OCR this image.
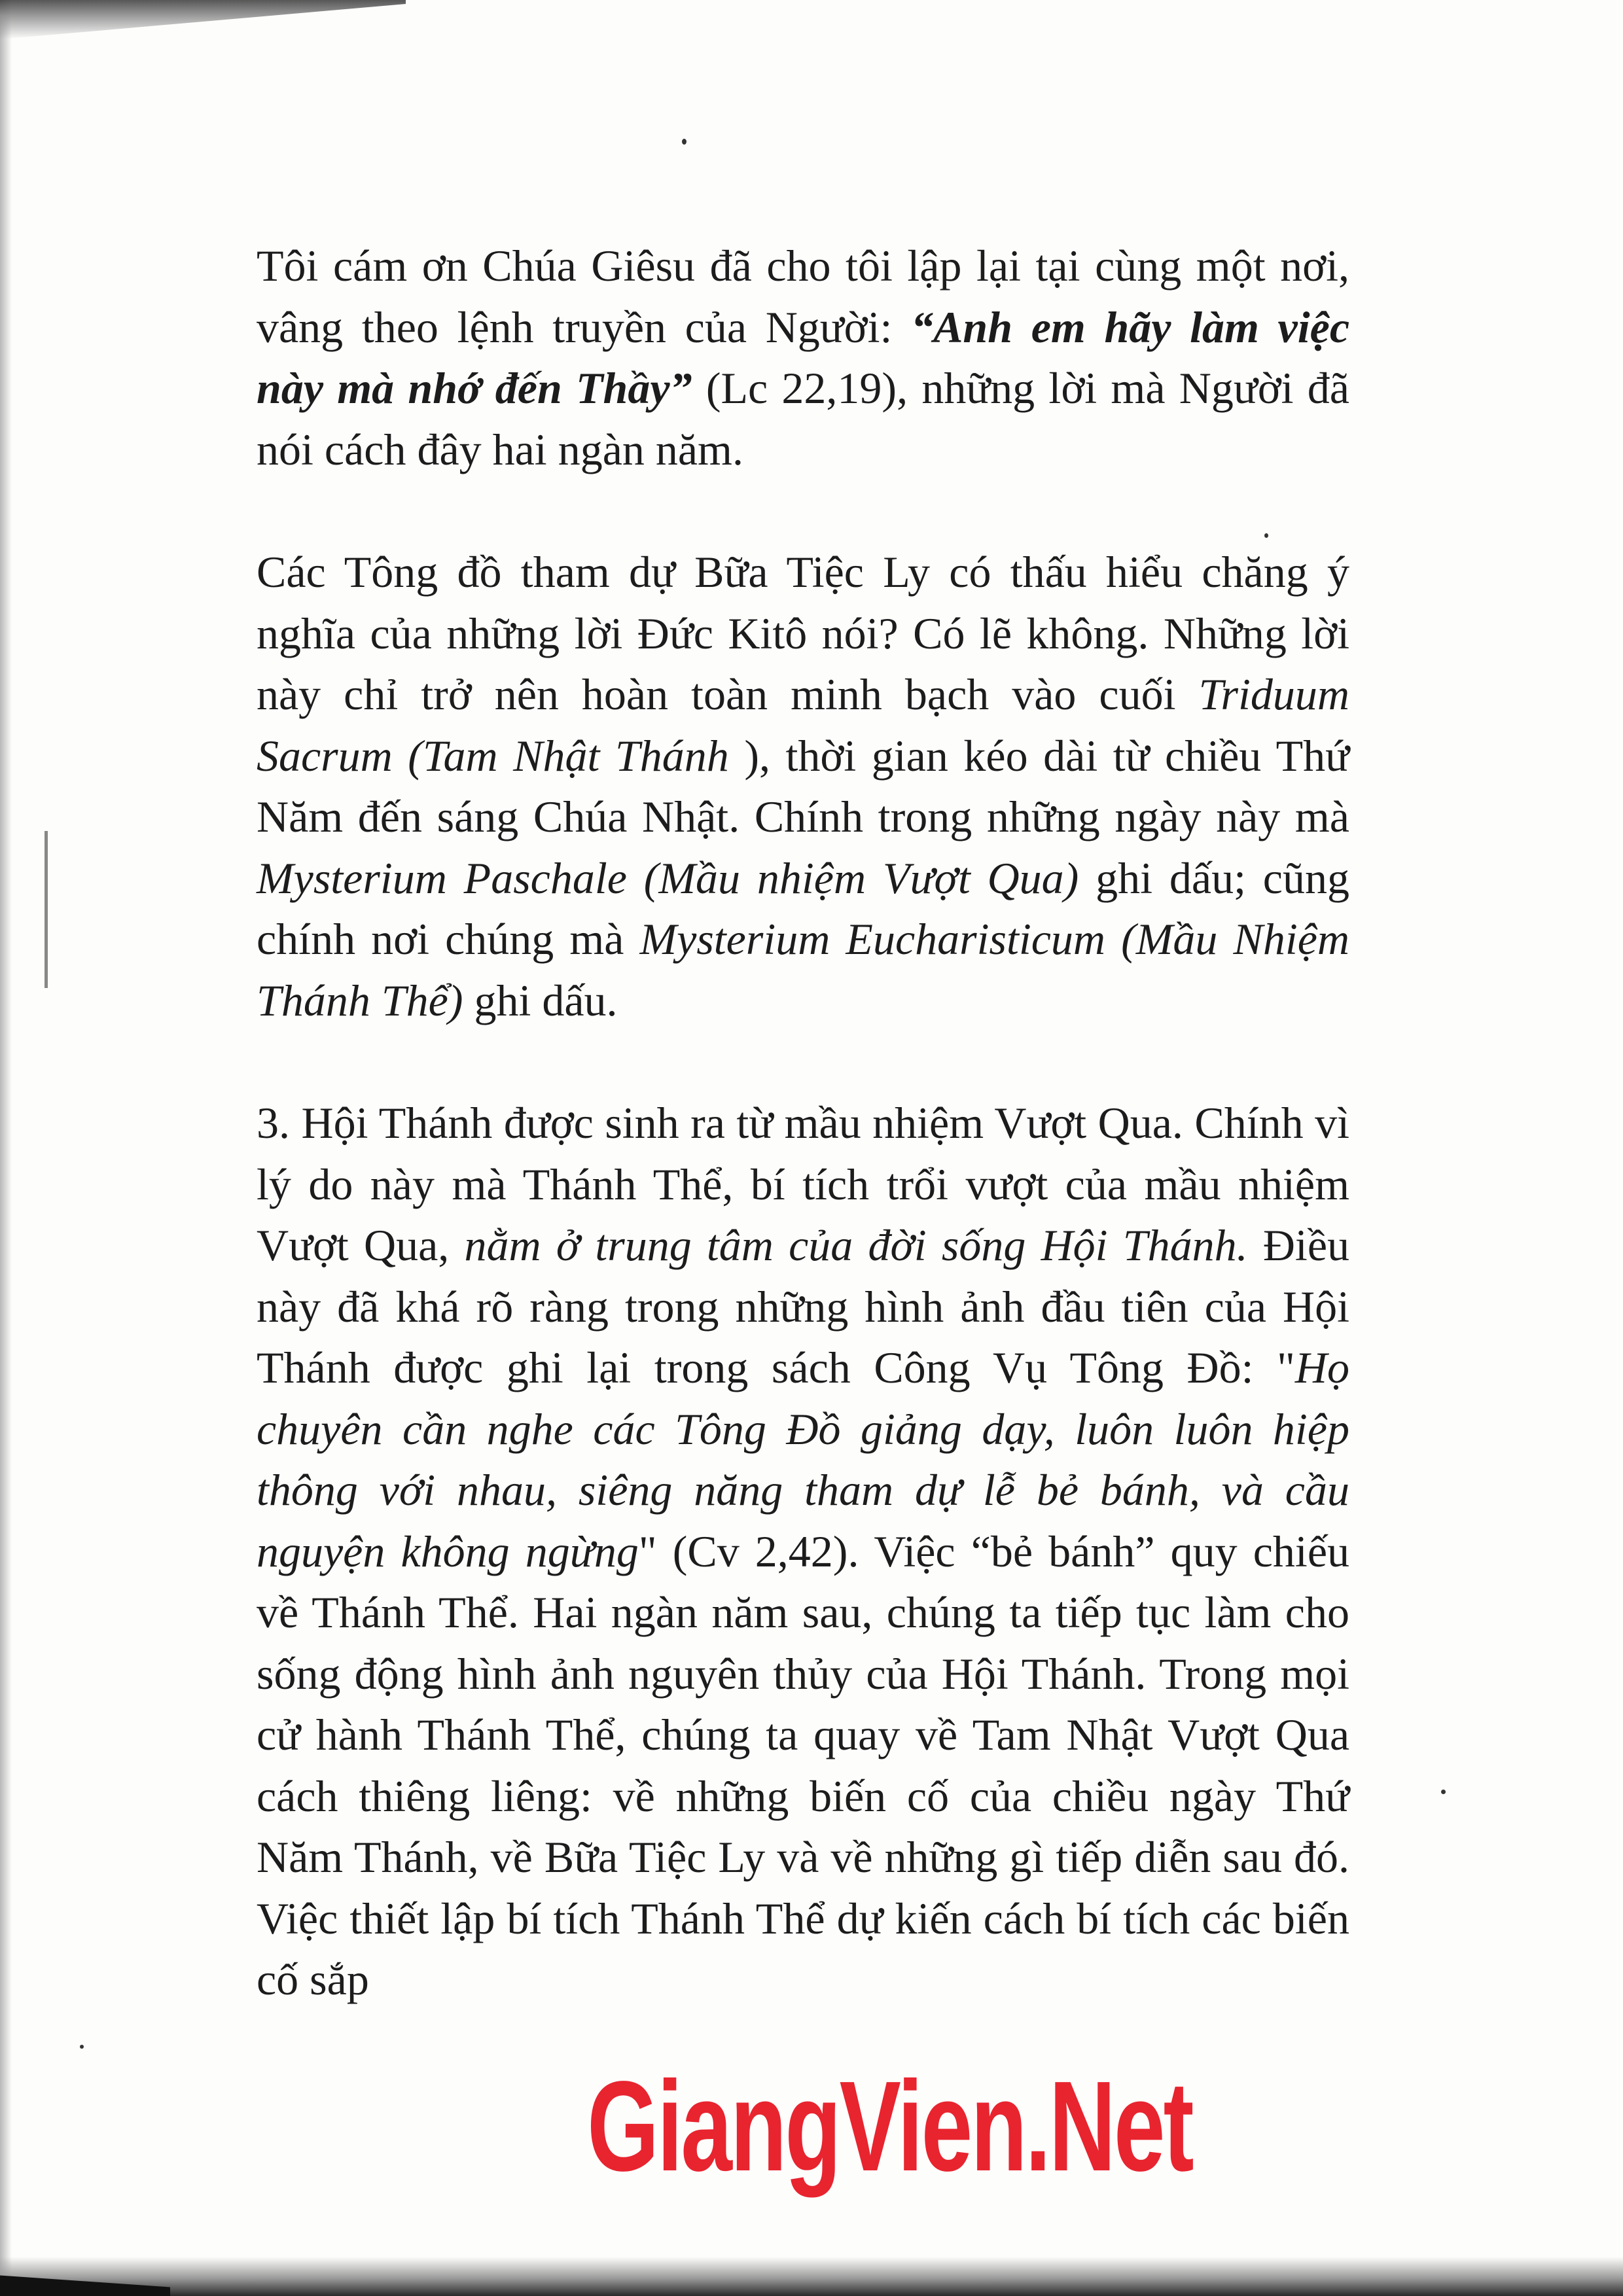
Tôi cám ơn Chúa Giêsu đã cho tôi lập lại tại cùng một nơi, vâng theo lệnh truyền của Người: “Anh em hãy làm việc này mà nhớ đến Thầy” (Lc 22,19), những lời mà Người đã nói cách đây hai ngàn năm.

Các Tông đồ tham dự Bữa Tiệc Ly có thấu hiểu chăng ý nghĩa của những lời Đức Kitô nói? Có lẽ không. Những lời này chỉ trở nên hoàn toàn minh bạch vào cuối Triduum Sacrum (Tam Nhật Thánh ), thời gian kéo dài từ chiều Thứ Năm đến sáng Chúa Nhật. Chính trong những ngày này mà Mysterium Paschale (Mầu nhiệm Vượt Qua) ghi dấu; cũng chính nơi chúng mà Mysterium Eucharisticum (Mầu Nhiệm Thánh Thể) ghi dấu.

3. Hội Thánh được sinh ra từ mầu nhiệm Vượt Qua. Chính vì lý do này mà Thánh Thể, bí tích trổi vượt của mầu nhiệm Vượt Qua, nằm ở trung tâm của đời sống Hội Thánh. Điều này đã khá rõ ràng trong những hình ảnh đầu tiên của Hội Thánh được ghi lại trong sách Công Vụ Tông Đồ: "Họ chuyên cần nghe các Tông Đồ giảng dạy, luôn luôn hiệp thông với nhau, siêng năng tham dự lễ bẻ bánh, và cầu nguyện không ngừng" (Cv 2,42). Việc “bẻ bánh” quy chiếu về Thánh Thể. Hai ngàn năm sau, chúng ta tiếp tục làm cho sống động hình ảnh nguyên thủy của Hội Thánh. Trong mọi cử hành Thánh Thể, chúng ta quay về Tam Nhật Vượt Qua cách thiêng liêng: về những biến cố của chiều ngày Thứ Năm Thánh, về Bữa Tiệc Ly và về những gì tiếp diễn sau đó. Việc thiết lập bí tích Thánh Thể dự kiến cách bí tích các biến cố sắp

GiangVien.Net
